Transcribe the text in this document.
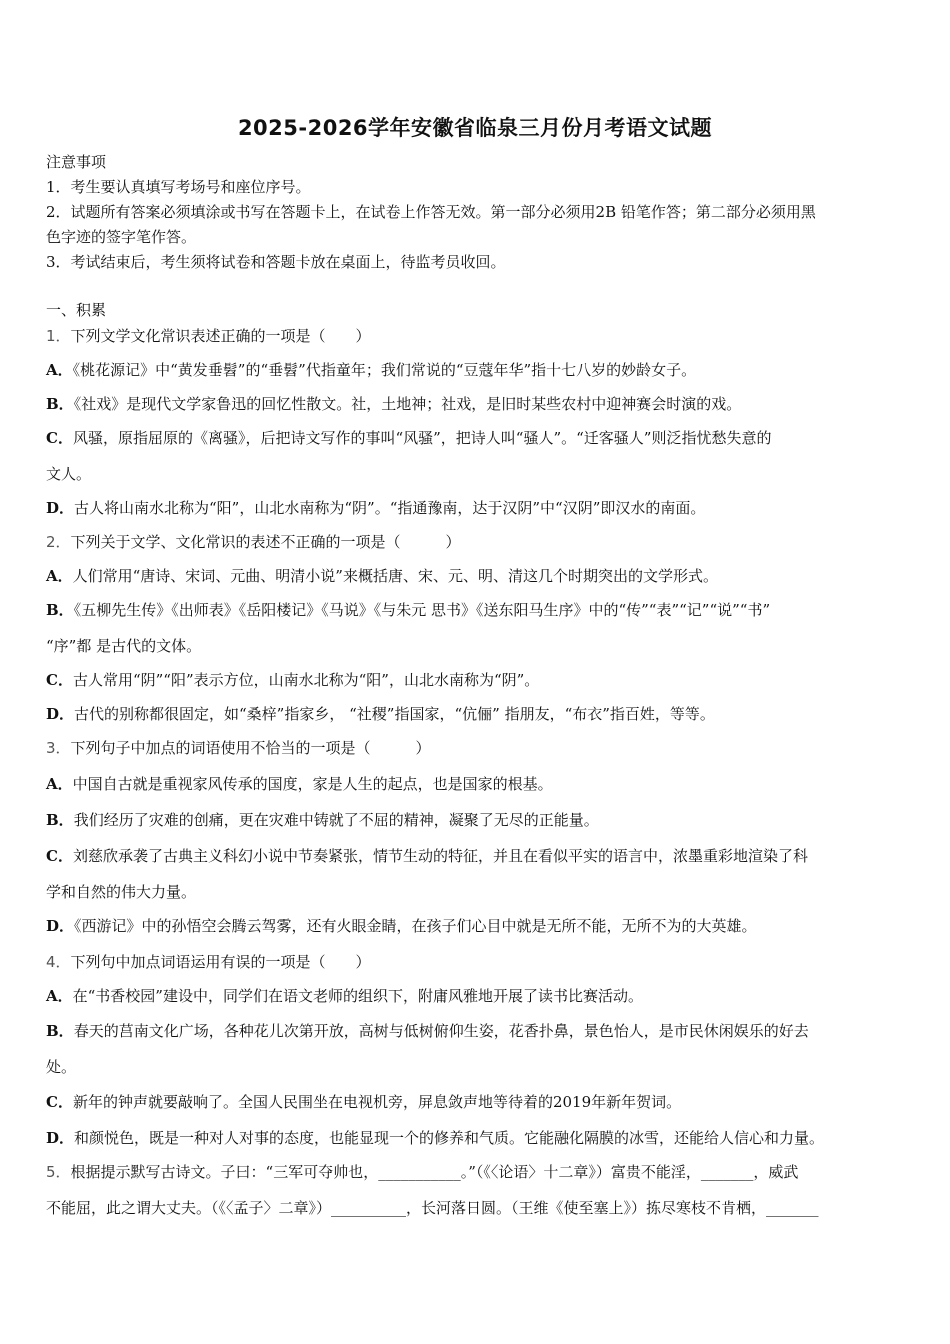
2025-2026学年安徽省临泉三月份月考语文试题
注意事项
1．考生要认真填写考场号和座位序号。
2．试题所有答案必须填涂或书写在答题卡上，在试卷上作答无效。第一部分必须用2B 铅笔作答；第二部分必须用黑
色字迹的签字笔作答。
3．考试结束后，考生须将试卷和答题卡放在桌面上，待监考员收回。
一、积累
1．下列文学文化常识表述正确的一项是（　　）
A．《桃花源记》中“黄发垂髫”的“垂髫”代指童年；我们常说的“豆蔻年华”指十七八岁的妙龄女子。
B．《社戏》是现代文学家鲁迅的回忆性散文。社，土地神；社戏，是旧时某些农村中迎神赛会时演的戏。
C．风骚，原指屈原的《离骚》，后把诗文写作的事叫“风骚”，把诗人叫“骚人”。“迁客骚人”则泛指忧愁失意的
文人。
D．古人将山南水北称为“阳”，山北水南称为“阴”。“指通豫南，达于汉阴”中“汉阴”即汉水的南面。
2．下列关于文学、文化常识的表述不正确的一项是（　　　）
A．人们常用“唐诗、宋词、元曲、明清小说”来概括唐、宋、元、明、清这几个时期突出的文学形式。
B．《五柳先生传》《出师表》《岳阳楼记》《马说》《与朱元 思书》《送东阳马生序》中的“传”“表”“记”“说”“书”
“序”都 是古代的文体。
C．古人常用“阴”“阳”表示方位，山南水北称为“阳”，山北水南称为“阴”。
D．古代的别称都很固定，如“桑梓”指家乡， “社稷”指国家，“伉俪” 指朋友，“布衣”指百姓，等等。
3．下列句子中加点的词语使用不恰当的一项是（　　　）
A．中国自古就是重视家风传承的国度，家是人生的起点，也是国家的根基。
B．我们经历了灾难的创痛，更在灾难中铸就了不屈的精神，凝聚了无尽的正能量。
C．刘慈欣承袭了古典主义科幻小说中节奏紧张，情节生动的特征，并且在看似平实的语言中，浓墨重彩地渲染了科
学和自然的伟大力量。
D．《西游记》中的孙悟空会腾云驾雾，还有火眼金睛，在孩子们心目中就是无所不能，无所不为的大英雄。
4．下列句中加点词语运用有误的一项是（　　）
A．在“书香校园”建设中，同学们在语文老师的组织下，附庸风雅地开展了读书比赛活动。
B．春天的莒南文化广场，各种花儿次第开放，高树与低树俯仰生姿，花香扑鼻，景色怡人，是市民休闲娱乐的好去
处。
C．新年的钟声就要敲响了。全国人民围坐在电视机旁，屏息敛声地等待着的2019年新年贺词。
D．和颜悦色，既是一种对人对事的态度，也能显现一个的修养和气质。它能融化隔膜的冰雪，还能给人信心和力量。
5．根据提示默写古诗文。子曰：“三军可夺帅也，___________。”（《〈论语〉十二章》）富贵不能淫，_______，威武
不能屈，此之谓大丈夫。（《〈孟子〉二章》）__________，长河落日圆。（王维《使至塞上》）拣尽寒枝不肯栖，_______
